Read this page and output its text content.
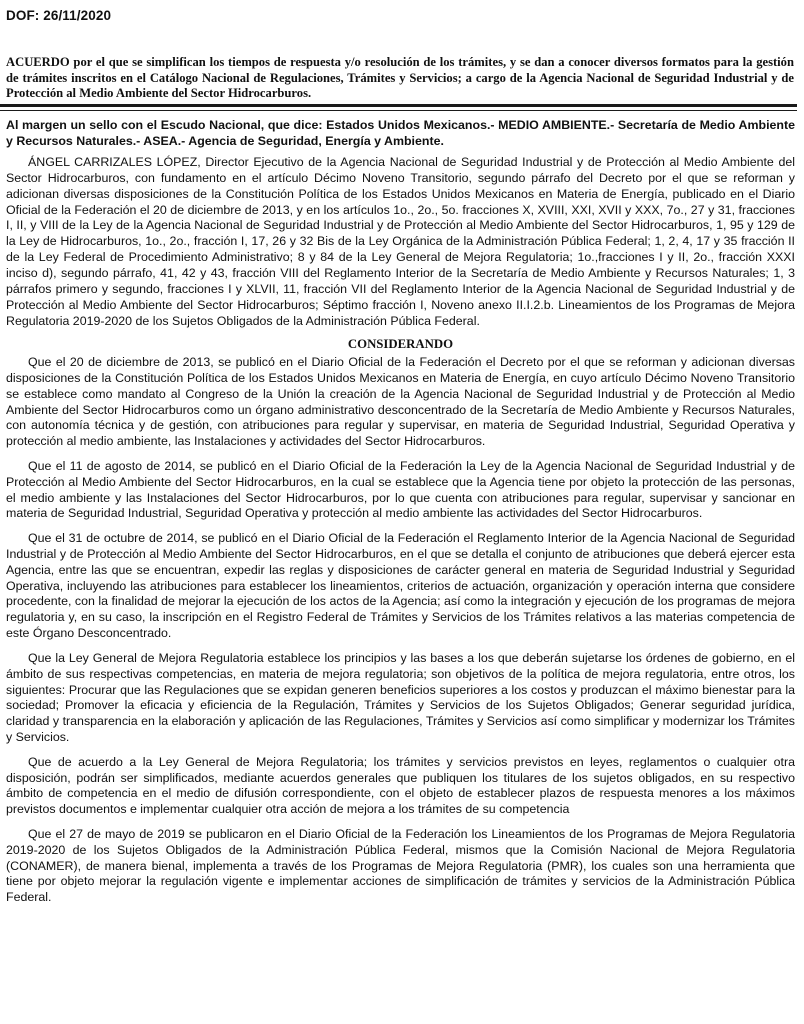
DOF: 26/11/2020
ACUERDO por el que se simplifican los tiempos de respuesta y/o resolución de los trámites, y se dan a conocer diversos formatos para la gestión de trámites inscritos en el Catálogo Nacional de Regulaciones, Trámites y Servicios; a cargo de la Agencia Nacional de Seguridad Industrial y de Protección al Medio Ambiente del Sector Hidrocarburos.

Al margen un sello con el Escudo Nacional, que dice: Estados Unidos Mexicanos.- MEDIO AMBIENTE.- Secretaría de Medio Ambiente y Recursos Naturales.- ASEA.- Agencia de Seguridad, Energía y Ambiente.

ÁNGEL CARRIZALES LÓPEZ, Director Ejecutivo de la Agencia Nacional de Seguridad Industrial y de Protección al Medio Ambiente del Sector Hidrocarburos, con fundamento en el artículo Décimo Noveno Transitorio, segundo párrafo del Decreto por el que se reforman y adicionan diversas disposiciones de la Constitución Política de los Estados Unidos Mexicanos en Materia de Energía, publicado en el Diario Oficial de la Federación el 20 de diciembre de 2013, y en los artículos 1o., 2o., 5o. fracciones X, XVIII, XXI, XVII y XXX, 7o., 27 y 31, fracciones I, II, y VIII de la Ley de la Agencia Nacional de Seguridad Industrial y de Protección al Medio Ambiente del Sector Hidrocarburos, 1, 95 y 129 de la Ley de Hidrocarburos, 1o., 2o., fracción I, 17, 26 y 32 Bis de la Ley Orgánica de la Administración Pública Federal; 1, 2, 4, 17 y 35 fracción II de la Ley Federal de Procedimiento Administrativo; 8 y 84 de la Ley General de Mejora Regulatoria; 1o.,fracciones I y II, 2o., fracción XXXI inciso d), segundo párrafo, 41, 42 y 43, fracción VIII del Reglamento Interior de la Secretaría de Medio Ambiente y Recursos Naturales; 1, 3 párrafos primero y segundo, fracciones I y XLVII, 11, fracción VII del Reglamento Interior de la Agencia Nacional de Seguridad Industrial y de Protección al Medio Ambiente del Sector Hidrocarburos; Séptimo fracción I, Noveno anexo II.I.2.b. Lineamientos de los Programas de Mejora Regulatoria 2019-2020 de los Sujetos Obligados de la Administración Pública Federal.

CONSIDERANDO

Que el 20 de diciembre de 2013, se publicó en el Diario Oficial de la Federación el Decreto por el que se reforman y adicionan diversas disposiciones de la Constitución Política de los Estados Unidos Mexicanos en Materia de Energía, en cuyo artículo Décimo Noveno Transitorio se establece como mandato al Congreso de la Unión la creación de la Agencia Nacional de Seguridad Industrial y de Protección al Medio Ambiente del Sector Hidrocarburos como un órgano administrativo desconcentrado de la Secretaría de Medio Ambiente y Recursos Naturales, con autonomía técnica y de gestión, con atribuciones para regular y supervisar, en materia de Seguridad Industrial, Seguridad Operativa y protección al medio ambiente, las Instalaciones y actividades del Sector Hidrocarburos.

Que el 11 de agosto de 2014, se publicó en el Diario Oficial de la Federación la Ley de la Agencia Nacional de Seguridad Industrial y de Protección al Medio Ambiente del Sector Hidrocarburos, en la cual se establece que la Agencia tiene por objeto la protección de las personas, el medio ambiente y las Instalaciones del Sector Hidrocarburos, por lo que cuenta con atribuciones para regular, supervisar y sancionar en materia de Seguridad Industrial, Seguridad Operativa y protección al medio ambiente las actividades del Sector Hidrocarburos.

Que el 31 de octubre de 2014, se publicó en el Diario Oficial de la Federación el Reglamento Interior de la Agencia Nacional de Seguridad Industrial y de Protección al Medio Ambiente del Sector Hidrocarburos, en el que se detalla el conjunto de atribuciones que deberá ejercer esta Agencia, entre las que se encuentran, expedir las reglas y disposiciones de carácter general en materia de Seguridad Industrial y Seguridad Operativa, incluyendo las atribuciones para establecer los lineamientos, criterios de actuación, organización y operación interna que considere procedente, con la finalidad de mejorar la ejecución de los actos de la Agencia; así como la integración y ejecución de los programas de mejora regulatoria y, en su caso, la inscripción en el Registro Federal de Trámites y Servicios de los Trámites relativos a las materias competencia de este Órgano Desconcentrado.

Que la Ley General de Mejora Regulatoria establece los principios y las bases a los que deberán sujetarse los órdenes de gobierno, en el ámbito de sus respectivas competencias, en materia de mejora regulatoria; son objetivos de la política de mejora regulatoria, entre otros, los siguientes: Procurar que las Regulaciones que se expidan generen beneficios superiores a los costos y produzcan el máximo bienestar para la sociedad; Promover la eficacia y eficiencia de la Regulación, Trámites y Servicios de los Sujetos Obligados; Generar seguridad jurídica, claridad y transparencia en la elaboración y aplicación de las Regulaciones, Trámites y Servicios así como simplificar y modernizar los Trámites y Servicios.

Que de acuerdo a la Ley General de Mejora Regulatoria; los trámites y servicios previstos en leyes, reglamentos o cualquier otra disposición, podrán ser simplificados, mediante acuerdos generales que publiquen los titulares de los sujetos obligados, en su respectivo ámbito de competencia en el medio de difusión correspondiente, con el objeto de establecer plazos de respuesta menores a los máximos previstos documentos e implementar cualquier otra acción de mejora a los trámites de su competencia

Que el 27 de mayo de 2019 se publicaron en el Diario Oficial de la Federación los Lineamientos de los Programas de Mejora Regulatoria 2019-2020 de los Sujetos Obligados de la Administración Pública Federal, mismos que la Comisión Nacional de Mejora Regulatoria (CONAMER), de manera bienal, implementa a través de los Programas de Mejora Regulatoria (PMR), los cuales son una herramienta que tiene por objeto mejorar la regulación vigente e implementar acciones de simplificación de trámites y servicios de la Administración Pública Federal.
